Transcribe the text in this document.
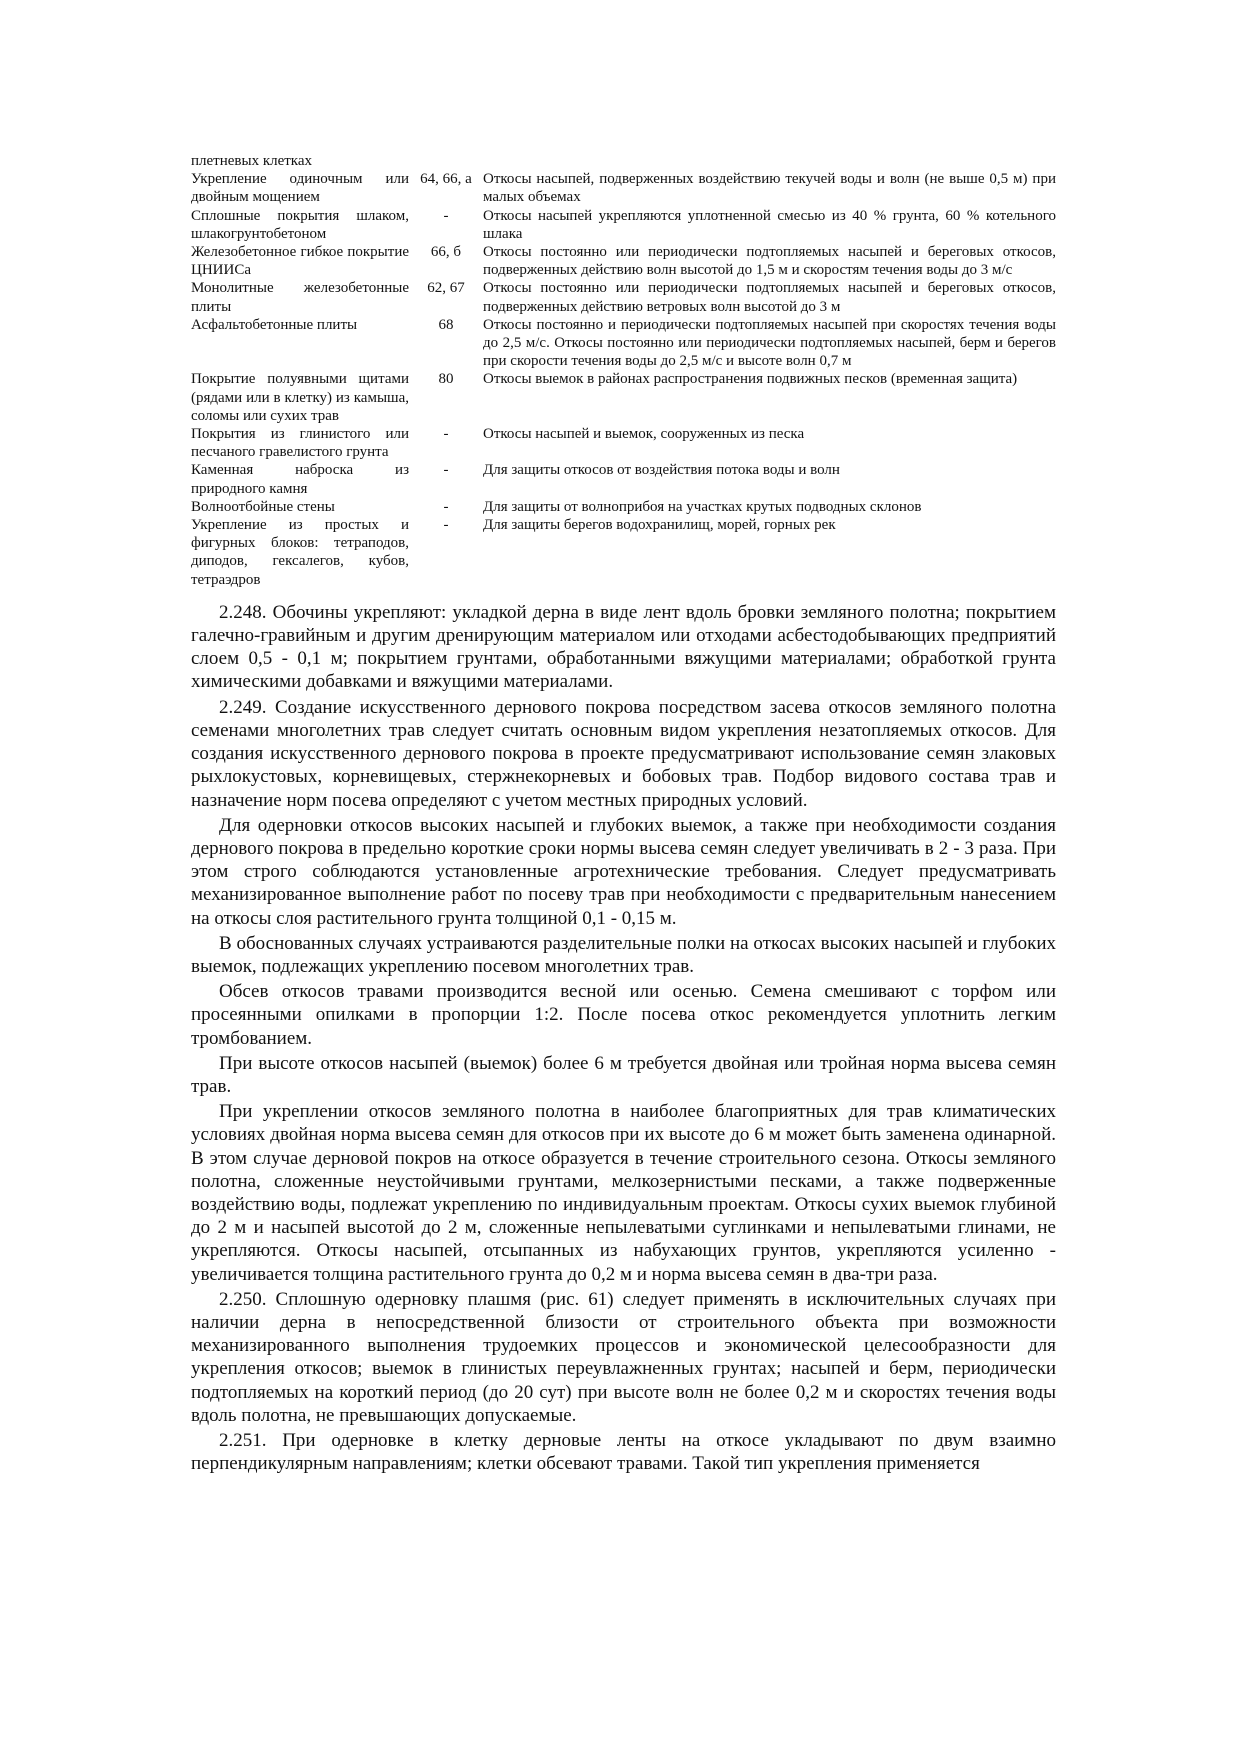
плетневых клетках		
Укрепление одиночным или двойным мощением	64, 66, а	Откосы насыпей, подверженных воздействию текучей воды и волн (не выше 0,5 м) при малых объемах
Сплошные покрытия шлаком, шлакогрунтобетоном	-	Откосы насыпей укрепляются уплотненной смесью из 40 % грунта, 60 % котельного шлака
Железобетонное гибкое покрытие ЦНИИСа	66, б	Откосы постоянно или периодически подтопляемых насыпей и береговых откосов, подверженных действию волн высотой до 1,5 м и скоростям течения воды до 3 м/с
Монолитные железобетонные плиты	62, 67	Откосы постоянно или периодически подтопляемых насыпей и береговых откосов, подверженных действию ветровых волн высотой до 3 м
Асфальтобетонные плиты	68	Откосы постоянно и периодически подтопляемых насыпей при скоростях течения воды до 2,5 м/с. Откосы постоянно или периодически подтопляемых насыпей, берм и берегов при скорости течения воды до 2,5 м/с и высоте волн 0,7 м
Покрытие полуявными щитами (рядами или в клетку) из камыша, соломы или сухих трав	80	Откосы выемок в районах распространения подвижных песков (временная защита)
Покрытия из глинистого или песчаного гравелистого грунта	-	Откосы насыпей и выемок, сооруженных из песка
Каменная наброска из природного камня	-	Для защиты откосов от воздействия потока воды и волн
Волноотбойные стены	-	Для защиты от волноприбоя на участках крутых подводных склонов
Укрепление из простых и фигурных блоков: тетраподов, диподов, гексалегов, кубов, тетраэдров	-	Для защиты берегов водохранилищ, морей, горных рек

2.248. Обочины укрепляют: укладкой дерна в виде лент вдоль бровки земляного полотна; покрытием галечно-гравийным и другим дренирующим материалом или отходами асбестодобывающих предприятий слоем 0,5 - 0,1 м; покрытием грунтами, обработанными вяжущими материалами; обработкой грунта химическими добавками и вяжущими материалами.

2.249. Создание искусственного дернового покрова посредством засева откосов земляного полотна семенами многолетних трав следует считать основным видом укрепления незатопляемых откосов. Для создания искусственного дернового покрова в проекте предусматривают использование семян злаковых рыхлокустовых, корневищевых, стержнекорневых и бобовых трав. Подбор видового состава трав и назначение норм посева определяют с учетом местных природных условий.

Для одерновки откосов высоких насыпей и глубоких выемок, а также при необходимости создания дернового покрова в предельно короткие сроки нормы высева семян следует увеличивать в 2 - 3 раза. При этом строго соблюдаются установленные агротехнические требования. Следует предусматривать механизированное выполнение работ по посеву трав при необходимости с предварительным нанесением на откосы слоя растительного грунта толщиной 0,1 - 0,15 м.

В обоснованных случаях устраиваются разделительные полки на откосах высоких насыпей и глубоких выемок, подлежащих укреплению посевом многолетних трав.

Обсев откосов травами производится весной или осенью. Семена смешивают с торфом или просеянными опилками в пропорции 1:2. После посева откос рекомендуется уплотнить легким тромбованием.

При высоте откосов насыпей (выемок) более 6 м требуется двойная или тройная норма высева семян трав.

При укреплении откосов земляного полотна в наиболее благоприятных для трав климатических условиях двойная норма высева семян для откосов при их высоте до 6 м может быть заменена одинарной. В этом случае дерновой покров на откосе образуется в течение строительного сезона. Откосы земляного полотна, сложенные неустойчивыми грунтами, мелкозернистыми песками, а также подверженные воздействию воды, подлежат укреплению по индивидуальным проектам. Откосы сухих выемок глубиной до 2 м и насыпей высотой до 2 м, сложенные непылеватыми суглинками и непылеватыми глинами, не укрепляются. Откосы насыпей, отсыпанных из набухающих грунтов, укрепляются усиленно - увеличивается толщина растительного грунта до 0,2 м и норма высева семян в два-три раза.

2.250. Сплошную одерновку плашмя (рис. 61) следует применять в исключительных случаях при наличии дерна в непосредственной близости от строительного объекта при возможности механизированного выполнения трудоемких процессов и экономической целесообразности для укрепления откосов; выемок в глинистых переувлажненных грунтах; насыпей и берм, периодически подтопляемых на короткий период (до 20 сут) при высоте волн не более 0,2 м и скоростях течения воды вдоль полотна, не превышающих допускаемые.

2.251. При одерновке в клетку дерновые ленты на откосе укладывают по двум взаимно перпендикулярным направлениям; клетки обсевают травами. Такой тип укрепления применяется
